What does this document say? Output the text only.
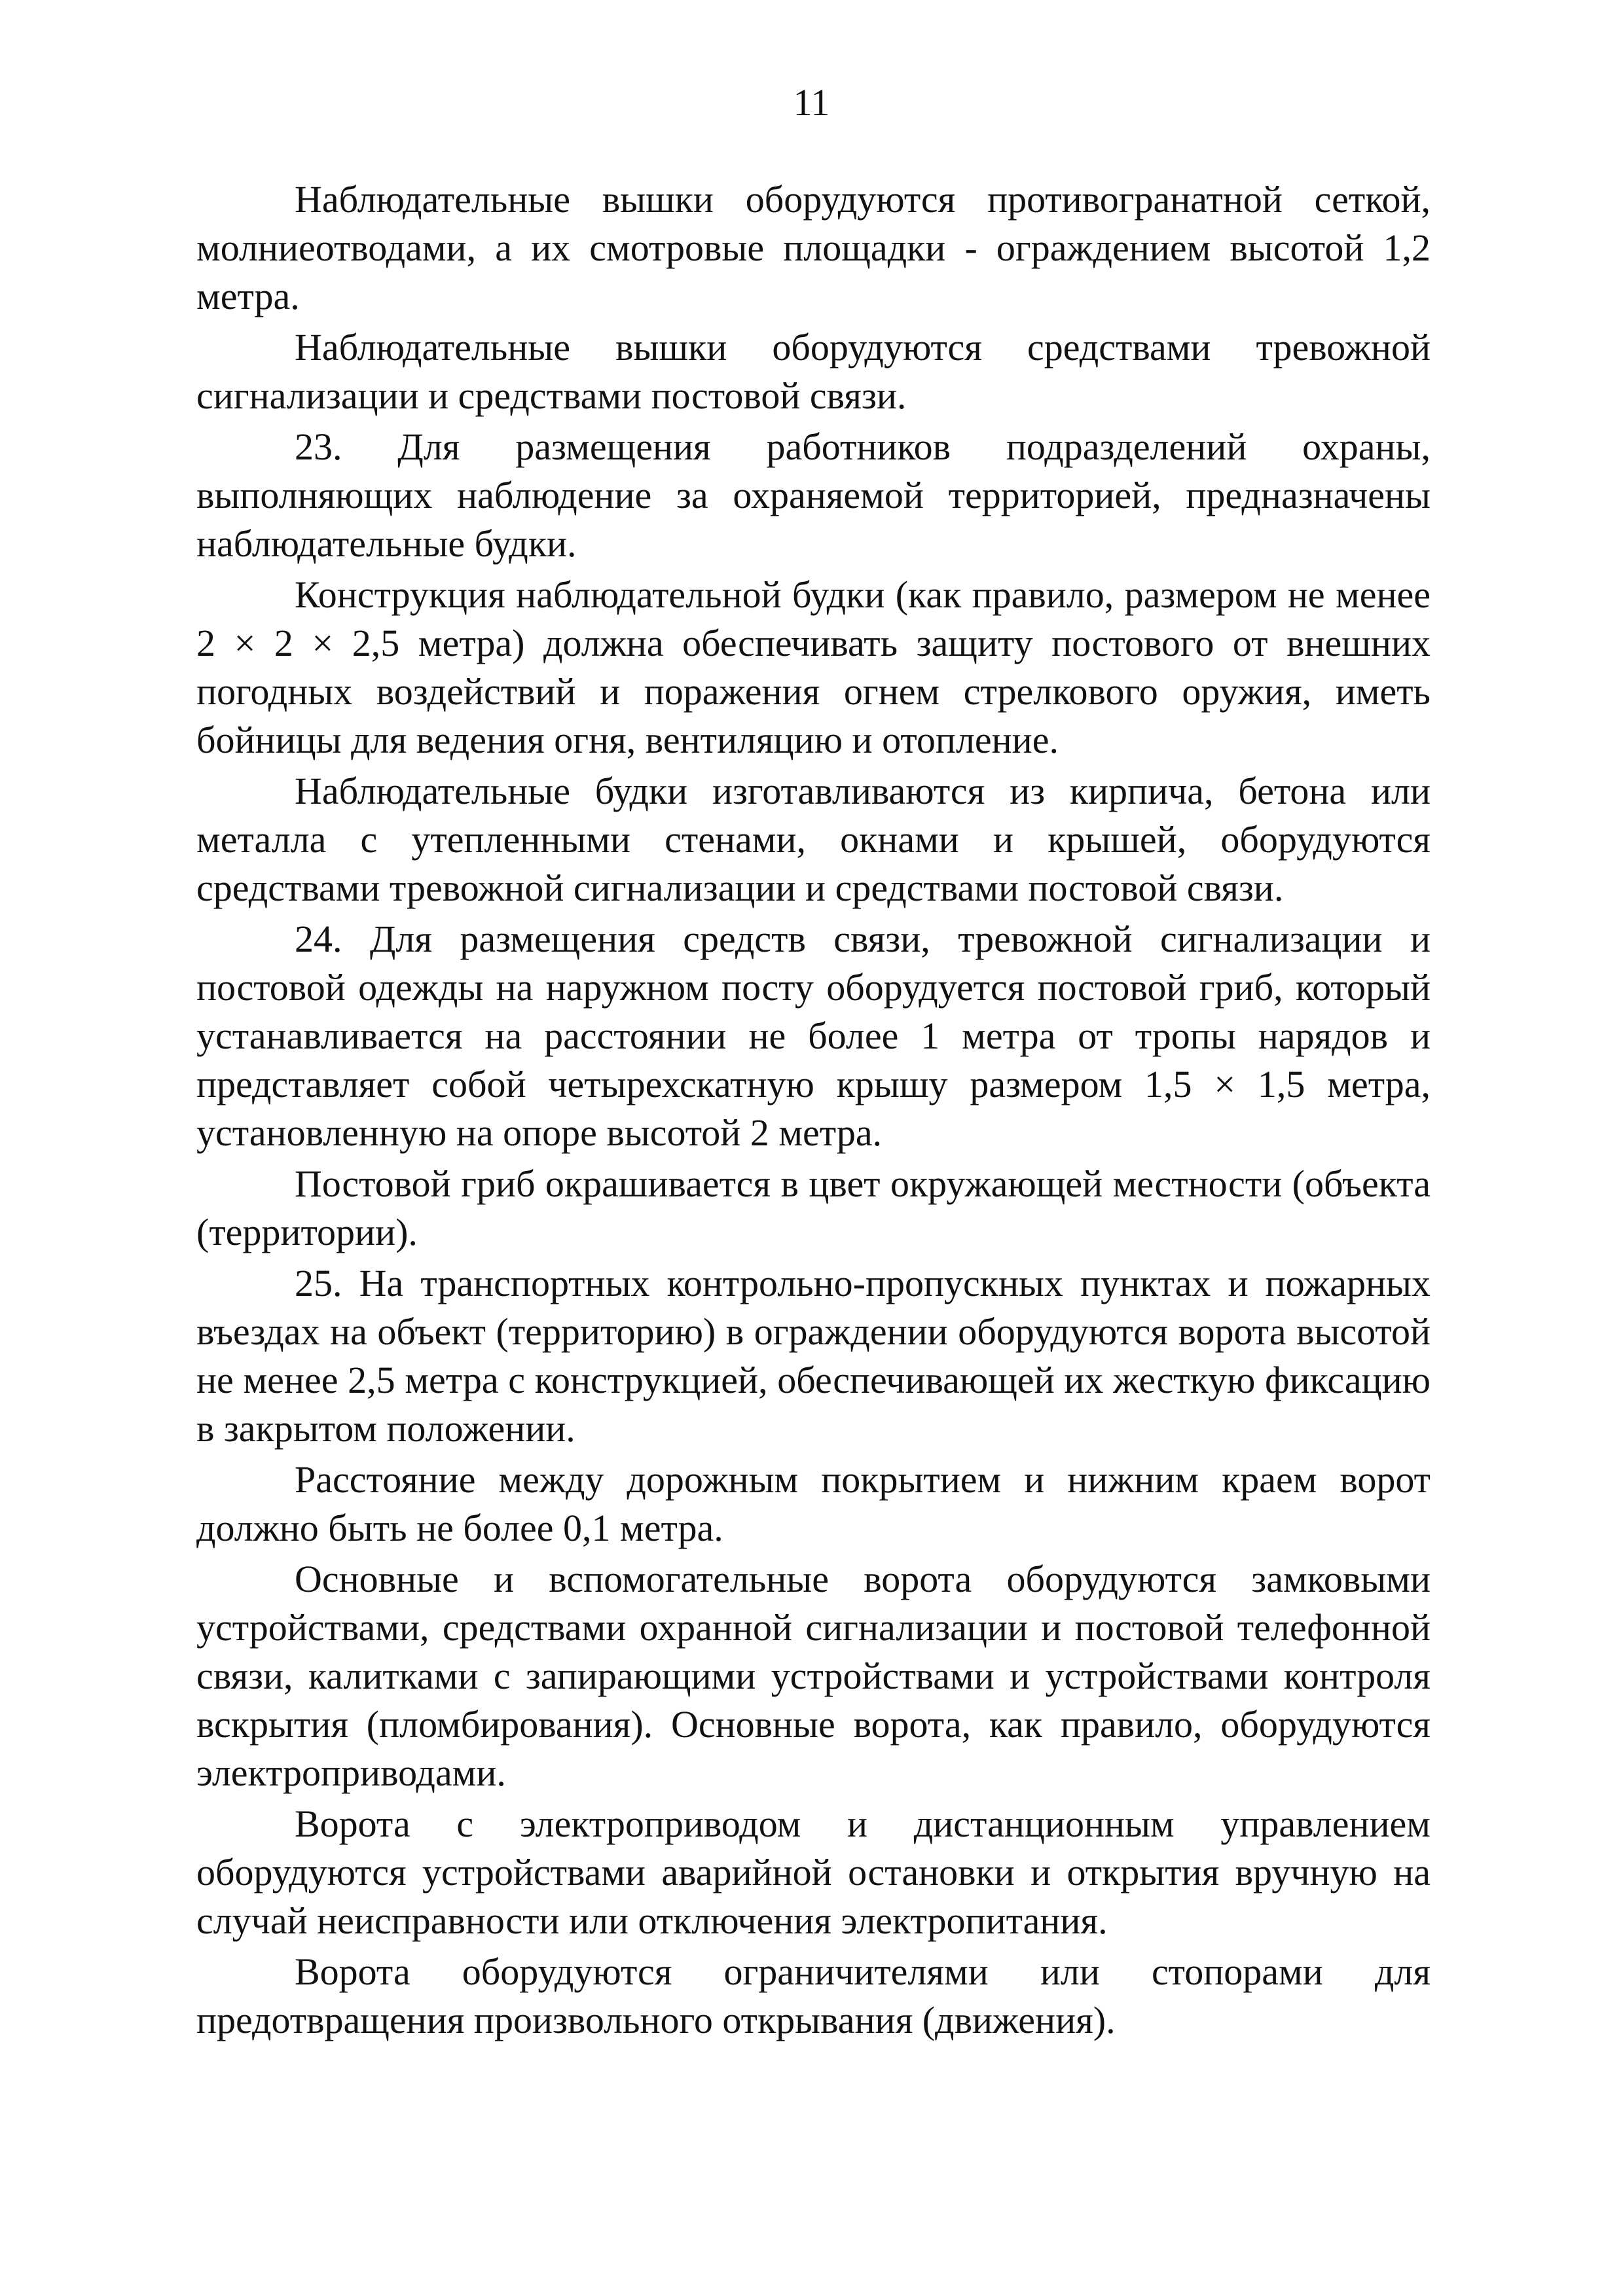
11

Наблюдательные вышки оборудуются противогранатной сеткой, молниеотводами, а их смотровые площадки - ограждением высотой 1,2 метра.

Наблюдательные вышки оборудуются средствами тревожной сигнализации и средствами постовой связи.

23. Для размещения работников подразделений охраны, выполняющих наблюдение за охраняемой территорией, предназначены наблюдательные будки.

Конструкция наблюдательной будки (как правило, размером не менее 2 × 2 × 2,5 метра) должна обеспечивать защиту постового от внешних погодных воздействий и поражения огнем стрелкового оружия, иметь бойницы для ведения огня, вентиляцию и отопление.

Наблюдательные будки изготавливаются из кирпича, бетона или металла с утепленными стенами, окнами и крышей, оборудуются средствами тревожной сигнализации и средствами постовой связи.

24. Для размещения средств связи, тревожной сигнализации и постовой одежды на наружном посту оборудуется постовой гриб, который устанавливается на расстоянии не более 1 метра от тропы нарядов и представляет собой четырехскатную крышу размером 1,5 × 1,5 метра, установленную на опоре высотой 2 метра.

Постовой гриб окрашивается в цвет окружающей местности (объекта (территории).

25. На транспортных контрольно-пропускных пунктах и пожарных въездах на объект (территорию) в ограждении оборудуются ворота высотой не менее 2,5 метра с конструкцией, обеспечивающей их жесткую фиксацию в закрытом положении.

Расстояние между дорожным покрытием и нижним краем ворот должно быть не более 0,1 метра.

Основные и вспомогательные ворота оборудуются замковыми устройствами, средствами охранной сигнализации и постовой телефонной связи, калитками с запирающими устройствами и устройствами контроля вскрытия (пломбирования). Основные ворота, как правило, оборудуются электроприводами.

Ворота с электроприводом и дистанционным управлением оборудуются устройствами аварийной остановки и открытия вручную на случай неисправности или отключения электропитания.

Ворота оборудуются ограничителями или стопорами для предотвращения произвольного открывания (движения).
